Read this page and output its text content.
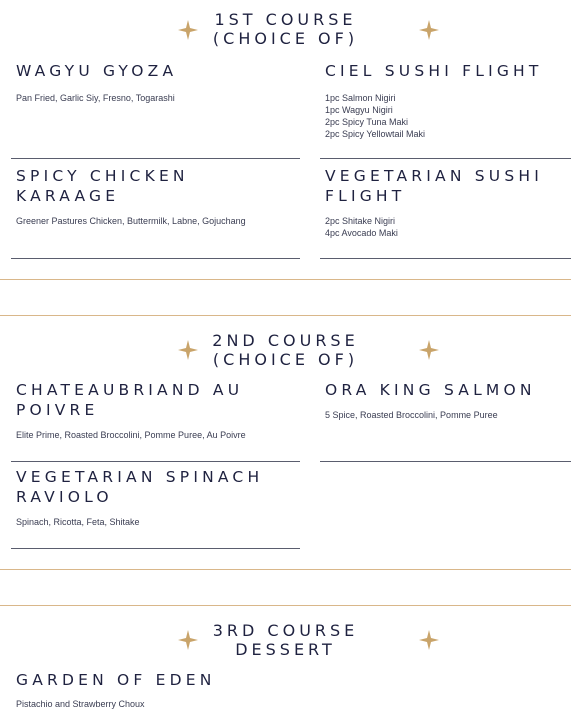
1ST COURSE
(CHOICE OF)
WAGYU GYOZA
Pan Fried, Garlic Siy, Fresno, Togarashi
CIEL SUSHI FLIGHT
1pc Salmon Nigiri
1pc Wagyu Nigiri
2pc Spicy Tuna Maki
2pc Spicy Yellowtail Maki
SPICY CHICKEN
KARAAGE
Greener Pastures Chicken, Buttermilk, Labne, Gojuchang
VEGETARIAN SUSHI
FLIGHT
2pc Shitake Nigiri
4pc Avocado Maki
2ND COURSE
(CHOICE OF)
CHATEAUBRIAND AU
POIVRE
Elite Prime, Roasted Broccolini, Pomme Puree, Au Poivre
ORA KING SALMON
5 Spice, Roasted Broccolini, Pomme Puree
VEGETARIAN SPINACH
RAVIOLO
Spinach, Ricotta, Feta, Shitake
3RD COURSE
DESSERT
GARDEN OF EDEN
Pistachio and Strawberry Choux
